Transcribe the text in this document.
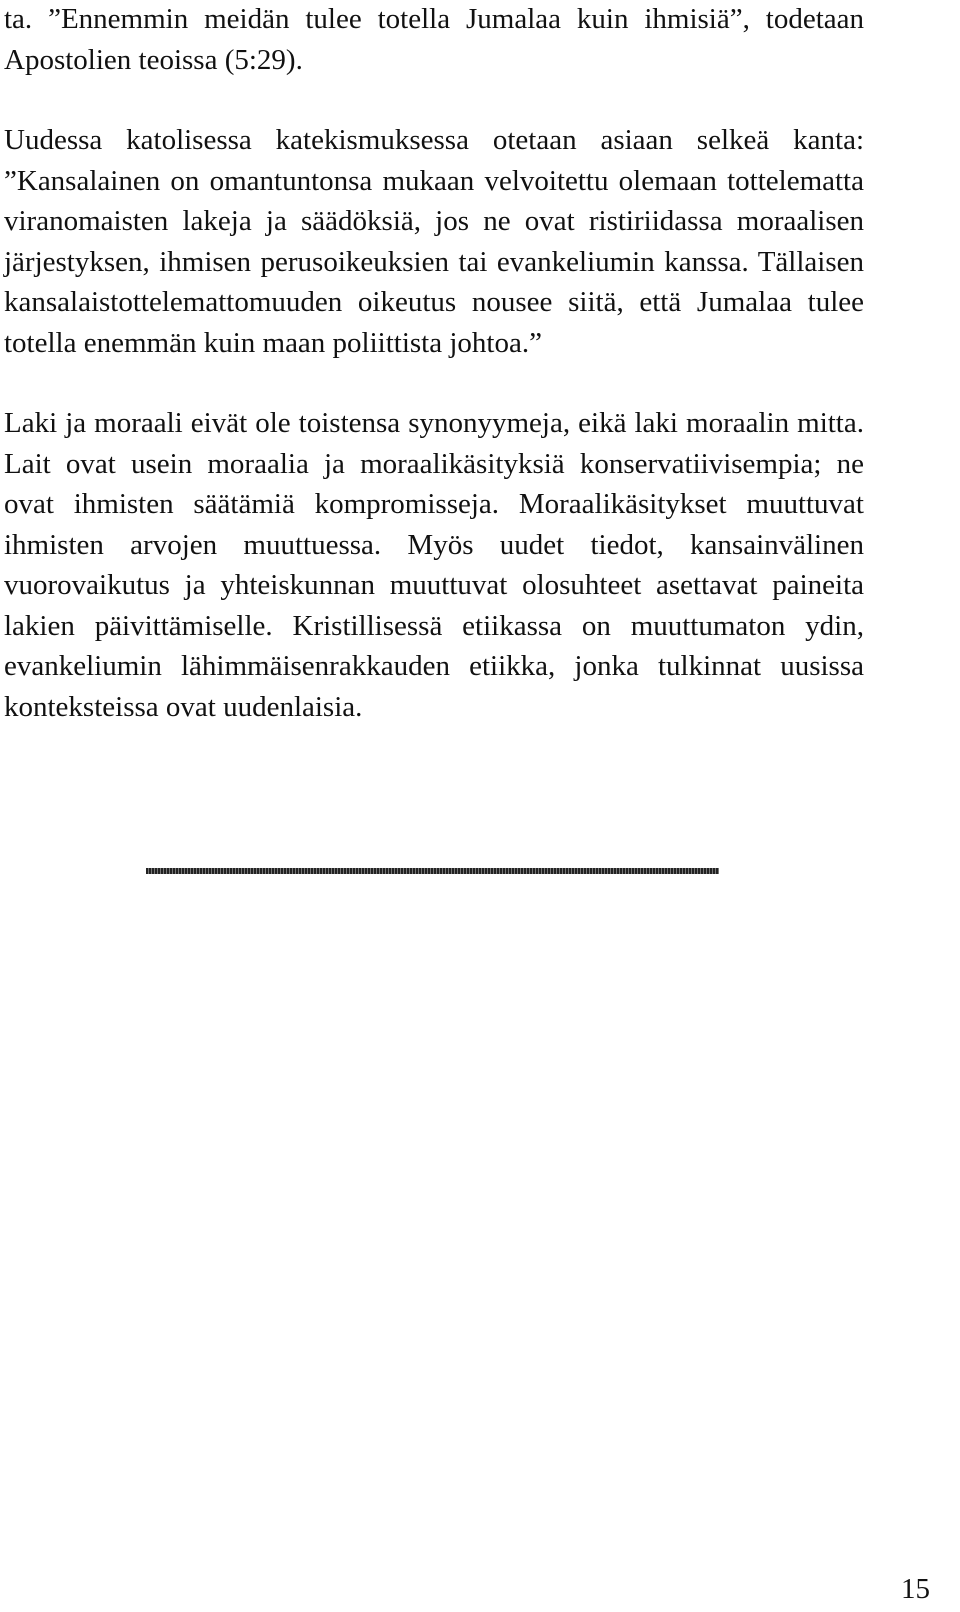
ta. ”Ennemmin meidän tulee totella Jumalaa kuin ihmisiä”, todetaan Apostolien teoissa (5:29).

Uudessa katolisessa katekismuksessa otetaan asiaan selkeä kanta: ”Kansalainen on omantuntonsa mukaan velvoitettu olemaan tottelematta viranomaisten lakeja ja säädöksiä, jos ne ovat ristiriidassa moraalisen järjestyksen, ihmisen perusoikeuksien tai evankeliumin kanssa. Tällaisen kansalaistottelemattomuuden oikeutus nousee siitä, että Jumalaa tulee totella enemmän kuin maan poliittista johtoa.”

Laki ja moraali eivät ole toistensa synonyymeja, eikä laki moraalin mitta. Lait ovat usein moraalia ja moraalikäsityksiä konservatiivisempia; ne ovat ihmisten säätämiä kompromisseja. Moraalikäsitykset muuttuvat ihmisten arvojen muuttuessa. Myös uudet tiedot, kansainvälinen vuorovaikutus ja yhteiskunnan muuttuvat olosuhteet asettavat paineita lakien päivittämiselle. Kristillisessä etiikassa on muuttumaton ydin, evankeliumin lähimmäisenrakkauden etiikka, jonka tulkinnat uusissa konteksteissa ovat uudenlaisia.

15
